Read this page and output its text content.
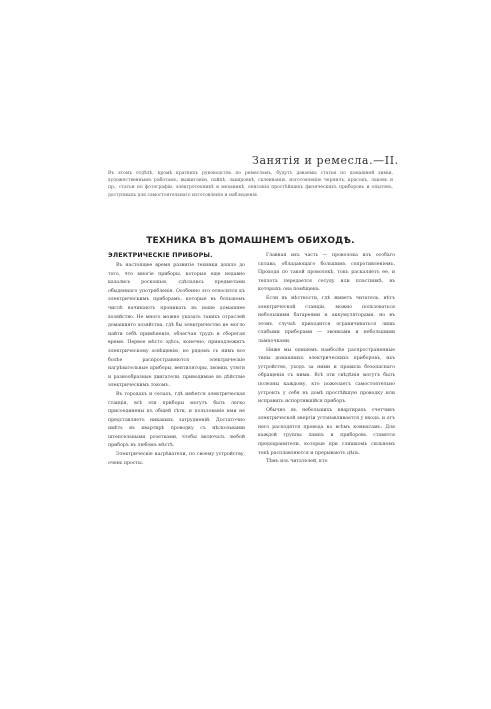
Занятія и ремесла.—II.
Въ этомъ отдѣлѣ, кромѣ краткихъ руководствъ по ремесламъ, будутъ даваемы статьи по домашней химіи, художественнымъ работамъ, выжиганію, пайкѣ, лакировкѣ, склеиванію, изготовленію чернилъ, красокъ, лаковъ и пр., статьи по фотографіи, электротехникѣ и механикѣ, описанія простѣйшихъ физическихъ приборовъ и опытовъ, доступныхъ для самостоятельнаго изготовленія и наблюденія.
ТЕХНИКА ВЪ ДОМАШНЕМЪ ОБИХОДѢ.
ЭЛЕКТРИЧЕСКІЕ ПРИБОРЫ.

Въ настоящее время развитіе техники дошло до того, что многіе приборы, которые еще недавно казались роскошью, сдѣлались предметами обыденнаго употребленія. Особенно это относится къ электрическимъ приборамъ, которые въ большомъ числѣ начинаютъ проникать въ наше домашнее хозяйство. Не много можно указать такихъ отраслей домашняго хозяйства, гдѣ бы электричество не могло найти себѣ примѣненія, облегчая трудъ и сберегая время. Первое мѣсто здѣсь, конечно, принадлежитъ электрическому освѣщенію, но рядомъ съ нимъ все болѣе распространяются электрическіе нагрѣвательные приборы, вентиляторы, звонки, утюги и разнообразные двигатели, приводимые въ дѣйствіе электрическимъ токомъ.

Въ городахъ и селахъ, гдѣ имѣется электрическая станція, всѣ эти приборы могутъ быть легко присоединены къ общей сѣти, и пользованіе ими не представляетъ никакихъ затрудненій. Достаточно имѣть въ квартирѣ проводку съ нѣсколькими штепсельными розетками, чтобы включать любой приборъ въ любомъ мѣстѣ.

Электрическіе нагрѣватели, по своему устройству, очень просты.

Главная ихъ часть — проволока изъ особаго сплава, обладающаго большимъ сопротивленіемъ. Проходя по такой проволокѣ, токъ раскаляетъ ее, и теплота передается сосуду или пластинкѣ, въ которыхъ она помѣщена.

Если въ мѣстности, гдѣ живетъ читатель, нѣтъ электрической станціи, можно пользоваться небольшими батареями и аккумуляторами, но въ этомъ случаѣ приходится ограничиваться лишь слабыми приборами — звонками и небольшими лампочками.

Ниже мы опишемъ наиболѣе распространенные типы домашнихъ электрическихъ приборовъ, ихъ устройство, уходъ за ними и правила безопаснаго обращенія съ ними. Всѣ эти свѣдѣнія могутъ быть полезны каждому, кто пожелаетъ самостоятельно устроить у себя въ домѣ простѣйшую проводку или исправить испортившійся приборъ.

Обычно въ небольшихъ квартирахъ счетчикъ электрической энергіи устанавливается у входа, и отъ него расходятся провода ко всѣмъ комнатамъ. Для каждой группы лампъ и приборовъ ставятся предохранители, которые при слишкомъ сильномъ токѣ расплавляются и прерываютъ цѣпь.

Тѣмъ изъ читателей, кто
